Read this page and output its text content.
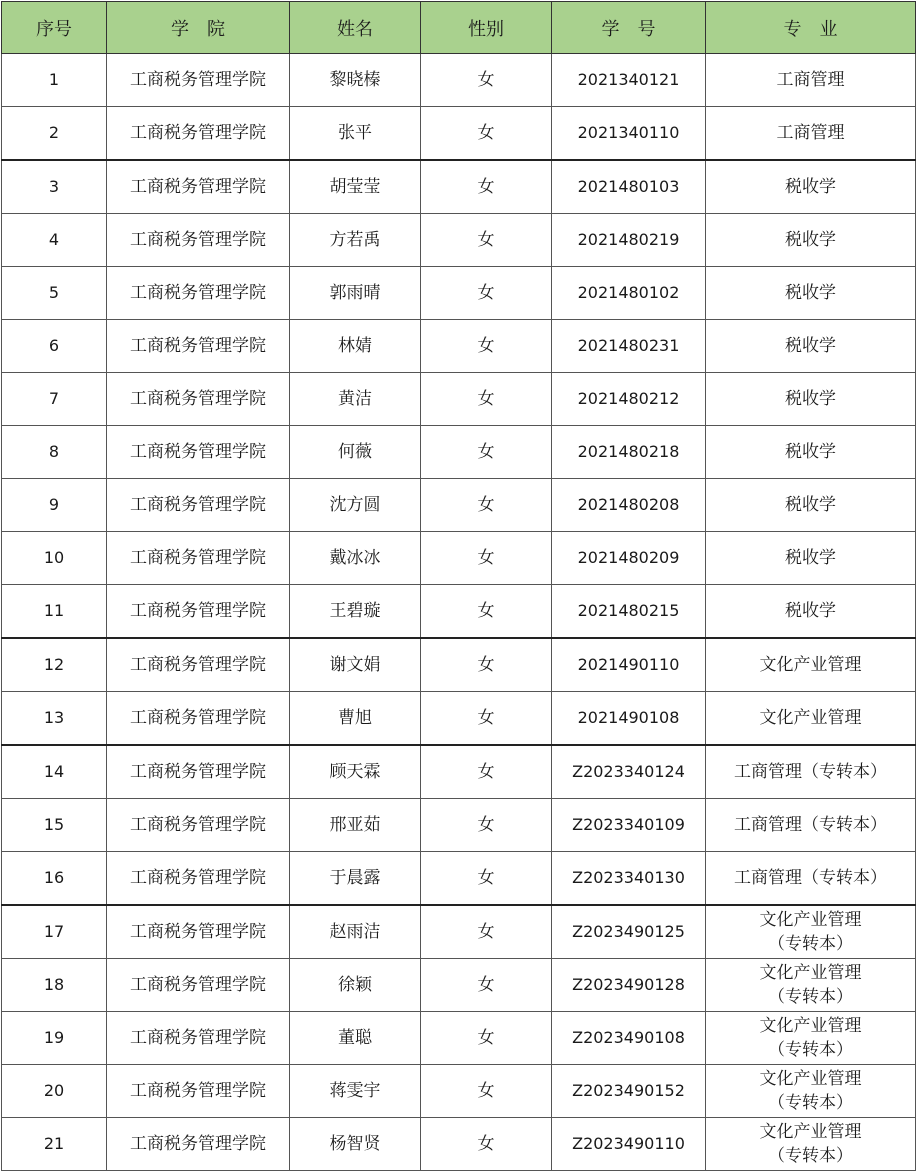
序号	学　院	姓名	性别	学　号	专　业
1	工商税务管理学院	黎晓榛	女	2021340121	工商管理
2	工商税务管理学院	张平	女	2021340110	工商管理
3	工商税务管理学院	胡莹莹	女	2021480103	税收学
4	工商税务管理学院	方若禹	女	2021480219	税收学
5	工商税务管理学院	郭雨晴	女	2021480102	税收学
6	工商税务管理学院	林婧	女	2021480231	税收学
7	工商税务管理学院	黄洁	女	2021480212	税收学
8	工商税务管理学院	何薇	女	2021480218	税收学
9	工商税务管理学院	沈方圆	女	2021480208	税收学
10	工商税务管理学院	戴冰冰	女	2021480209	税收学
11	工商税务管理学院	王碧璇	女	2021480215	税收学
12	工商税务管理学院	谢文娟	女	2021490110	文化产业管理
13	工商税务管理学院	曹旭	女	2021490108	文化产业管理
14	工商税务管理学院	顾天霖	女	Z2023340124	工商管理（专转本）
15	工商税务管理学院	邢亚茹	女	Z2023340109	工商管理（专转本）
16	工商税务管理学院	于晨露	女	Z2023340130	工商管理（专转本）
17	工商税务管理学院	赵雨洁	女	Z2023490125	文化产业管理
（专转本）
18	工商税务管理学院	徐颖	女	Z2023490128	文化产业管理
（专转本）
19	工商税务管理学院	董聪	女	Z2023490108	文化产业管理
（专转本）
20	工商税务管理学院	蒋雯宇	女	Z2023490152	文化产业管理
（专转本）
21	工商税务管理学院	杨智贤	女	Z2023490110	文化产业管理
（专转本）
